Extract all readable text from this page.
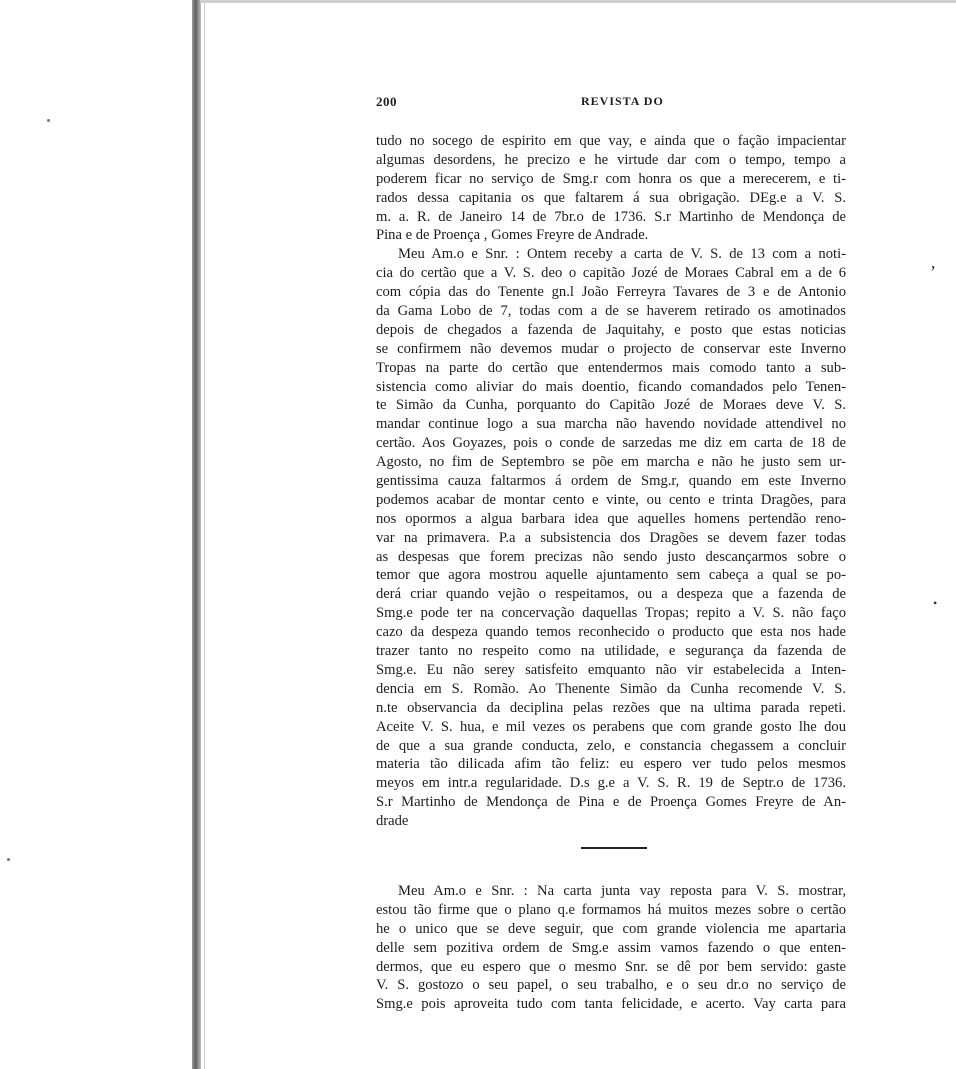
ʼ
•
200	REVISTA DO
tudo no socego de espirito em que vay, e ainda que o fação impacientar
algumas desordens, he precizo e he virtude dar com o tempo, tempo a
poderem ficar no serviço de Smg.r com honra os que a merecerem, e ti-
rados dessa capitania os que faltarem á sua obrigação. DEg.e a V. S.
m. a. R. de Janeiro 14 de 7br.o de 1736. S.r Martinho de Mendonça de
Pina e de Proença , Gomes Freyre de Andrade.
Meu Am.o e Snr. : Ontem receby a carta de V. S. de 13 com a noti-
cia do certão que a V. S. deo o capitão Jozé de Moraes Cabral em a de 6
com cópia das do Tenente gn.l João Ferreyra Tavares de 3 e de Antonio
da Gama Lobo de 7, todas com a de se haverem retirado os amotinados
depois de chegados a fazenda de Jaquitahy, e posto que estas noticias
se confirmem não devemos mudar o projecto de conservar este Inverno
Tropas na parte do certão que entendermos mais comodo tanto a sub-
sistencia como aliviar do mais doentio, ficando comandados pelo Tenen-
te Simão da Cunha, porquanto do Capitão Jozé de Moraes deve V. S.
mandar continue logo a sua marcha não havendo novidade attendivel no
certão. Aos Goyazes, pois o conde de sarzedas me diz em carta de 18 de
Agosto, no fim de Septembro se põe em marcha e não he justo sem ur-
gentissima cauza faltarmos á ordem de Smg.r, quando em este Inverno
podemos acabar de montar cento e vinte, ou cento e trinta Dragões, para
nos opormos a algua barbara idea que aquelles homens pertendão reno-
var na primavera. P.a a subsistencia dos Dragões se devem fazer todas
as despesas que forem precizas não sendo justo descançarmos sobre o
temor que agora mostrou aquelle ajuntamento sem cabeça a qual se po-
derá criar quando vejão o respeitamos, ou a despeza que a fazenda de
Smg.e pode ter na concervação daquellas Tropas; repito a V. S. não faço
cazo da despeza quando temos reconhecido o producto que esta nos hade
trazer tanto no respeito como na utilidade, e segurança da fazenda de
Smg.e. Eu não serey satisfeito emquanto não vir estabelecida a Inten-
dencia em S. Romão. Ao Thenente Simão da Cunha recomende V. S.
n.te observancia da deciplina pelas rezões que na ultima parada repeti.
Aceite V. S. hua, e mil vezes os perabens que com grande gosto lhe dou
de que a sua grande conducta, zelo, e constancia chegassem a concluir
materia tão dilicada afim tão feliz: eu espero ver tudo pelos mesmos
meyos em intr.a regularidade. D.s g.e a V. S. R. 19 de Septr.o de 1736.
S.r Martinho de Mendonça de Pina e de Proença Gomes Freyre de An-
drade
Meu Am.o e Snr. : Na carta junta vay reposta para V. S. mostrar,
estou tão firme que o plano q.e formamos há muitos mezes sobre o certão
he o unico que se deve seguir, que com grande violencia me apartaria
delle sem pozitiva ordem de Smg.e assim vamos fazendo o que enten-
dermos, que eu espero que o mesmo Snr. se dê por bem servido: gaste
V. S. gostozo o seu papel, o seu trabalho, e o seu dr.o no serviço de
Smg.e pois aproveita tudo com tanta felicidade, e acerto. Vay carta para
